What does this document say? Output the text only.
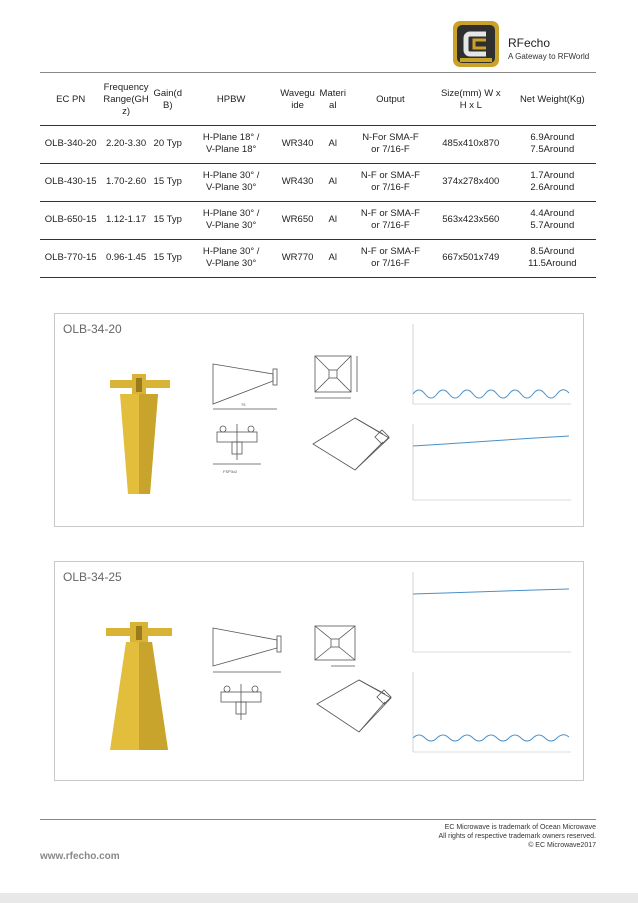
RFecho
A Gateway to RFWorld
EC PN	Frequency
Range(GH
z)	Gain(d
B)	HPBW	Wavegu
ide	Materi
al	Output	Size(mm) W x
H x L	Net Weight(Kg)
OLB-340-20	2.20-3.30	20 Typ	H-Plane 18° /
V-Plane 18°	WR340	Al	N-For SMA-F
or 7/16-F	485x410x870	6.9Around
7.5Around
OLB-430-15	1.70-2.60	15 Typ	H-Plane 30° /
V-Plane 30°	WR430	Al	N-F or SMA-F
or 7/16-F	374x278x400	1.7Around
2.6Around
OLB-650-15	1.12-1.17	15 Typ	H-Plane 30° /
V-Plane 30°	WR650	Al	N-F or SMA-F
or 7/16-F	563x423x560	4.4Around
5.7Around
OLB-770-15	0.96-1.45	15 Typ	H-Plane 30° /
V-Plane 30°	WR770	Al	N-F or SMA-F
or 7/16-F	667x501x749	8.5Around
11.5Around
OLB-34-20
75
FSP3x2
OLB-34-25
EC Microwave is trademark of Ocean Microwave
All rights of respective trademark owners reserved.
© EC Microwave2017
www.rfecho.com
